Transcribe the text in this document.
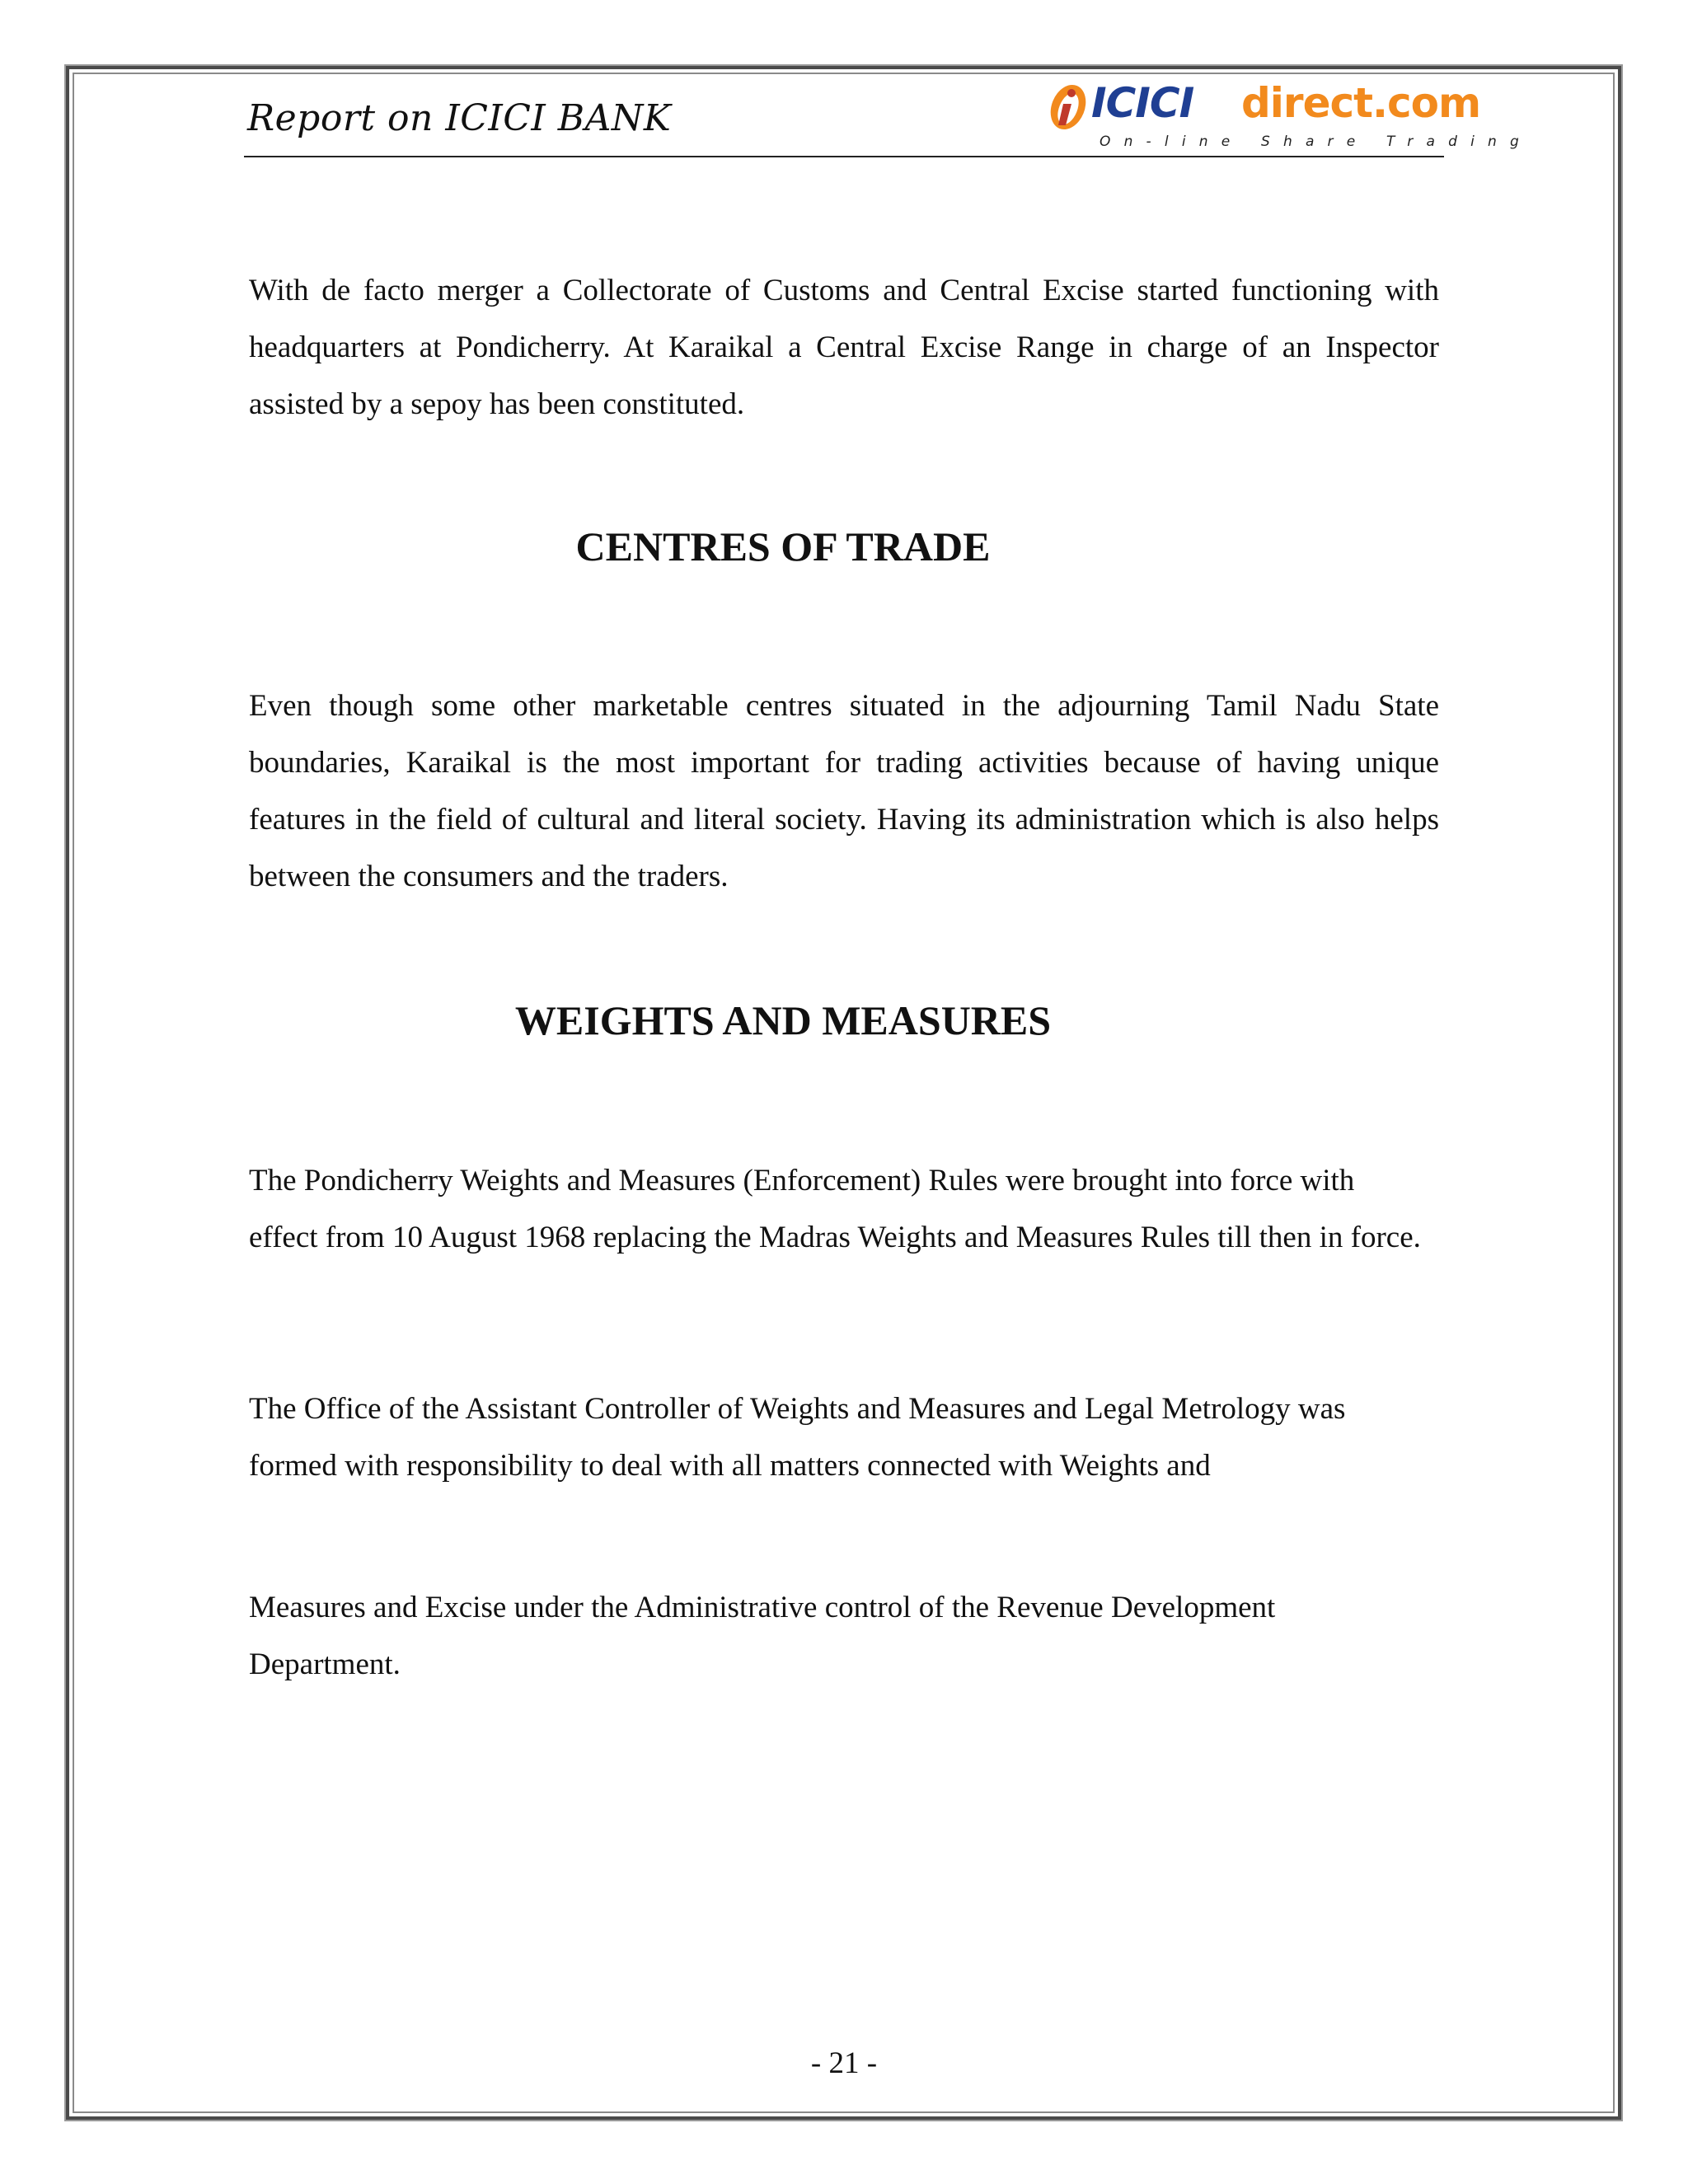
Report on ICICI BANK	ICICI direct.com
On-line Share Trading

With de facto merger a Collectorate of Customs and Central Excise started functioning with headquarters at Pondicherry. At Karaikal a Central Excise Range in charge of an Inspector assisted by a sepoy has been constituted.

CENTRES OF TRADE

Even though some other marketable centres situated in the adjourning Tamil Nadu State boundaries, Karaikal is the most important for trading activities because of having unique features in the field of cultural and literal society. Having its administration which is also helps between the consumers and the traders.

WEIGHTS AND MEASURES

The Pondicherry Weights and Measures (Enforcement) Rules were brought into force with effect from 10 August 1968 replacing the Madras Weights and Measures Rules till then in force.

The Office of the Assistant Controller of Weights and Measures and Legal Metrology was formed with responsibility to deal with all matters connected with Weights and

Measures and Excise under the Administrative control of the Revenue Development Department.

- 21 -
